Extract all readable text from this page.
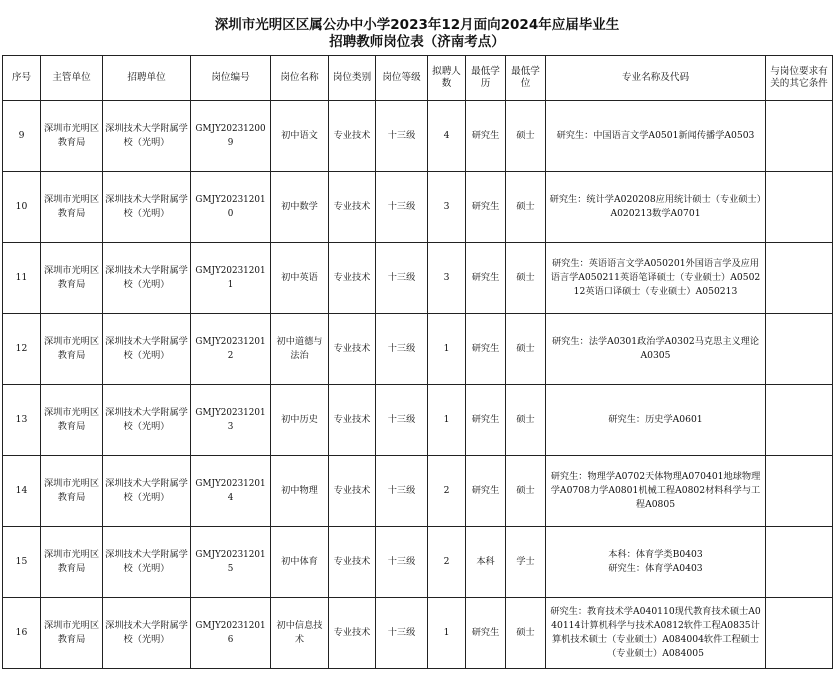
深圳市光明区区属公办中小学2023年12月面向2024年应届毕业生
招聘教师岗位表（济南考点）
序号	主管单位	招聘单位	岗位编号	岗位名称	岗位类别	岗位等级	拟聘人数	最低学历	最低学位	专业名称及代码	与岗位要求有关的其它条件
9	深圳市光明区教育局	深圳技术大学附属学校（光明）	GMJY202312009	初中语文	专业技术	十三级	4	研究生	硕士	研究生：中国语言文学A0501新闻传播学A0503	
10	深圳市光明区教育局	深圳技术大学附属学校（光明）	GMJY202312010	初中数学	专业技术	十三级	3	研究生	硕士	研究生：统计学A020208应用统计硕士（专业硕士）A020213数学A0701	
11	深圳市光明区教育局	深圳技术大学附属学校（光明）	GMJY202312011	初中英语	专业技术	十三级	3	研究生	硕士	研究生：英语语言文学A050201外国语言学及应用语言学A050211英语笔译硕士（专业硕士）A050212英语口译硕士（专业硕士）A050213	
12	深圳市光明区教育局	深圳技术大学附属学校（光明）	GMJY202312012	初中道德与法治	专业技术	十三级	1	研究生	硕士	研究生：法学A0301政治学A0302马克思主义理论A0305	
13	深圳市光明区教育局	深圳技术大学附属学校（光明）	GMJY202312013	初中历史	专业技术	十三级	1	研究生	硕士	研究生：历史学A0601	
14	深圳市光明区教育局	深圳技术大学附属学校（光明）	GMJY202312014	初中物理	专业技术	十三级	2	研究生	硕士	研究生：物理学A0702天体物理A070401地球物理学A0708力学A0801机械工程A0802材料科学与工程A0805	
15	深圳市光明区教育局	深圳技术大学附属学校（光明）	GMJY202312015	初中体育	专业技术	十三级	2	本科	学士	本科：体育学类B0403
研究生：体育学A0403	
16	深圳市光明区教育局	深圳技术大学附属学校（光明）	GMJY202312016	初中信息技术	专业技术	十三级	1	研究生	硕士	研究生：教育技术学A040110现代教育技术硕士A040114计算机科学与技术A0812软件工程A0835计算机技术硕士（专业硕士）A084004软件工程硕士（专业硕士）A084005	
